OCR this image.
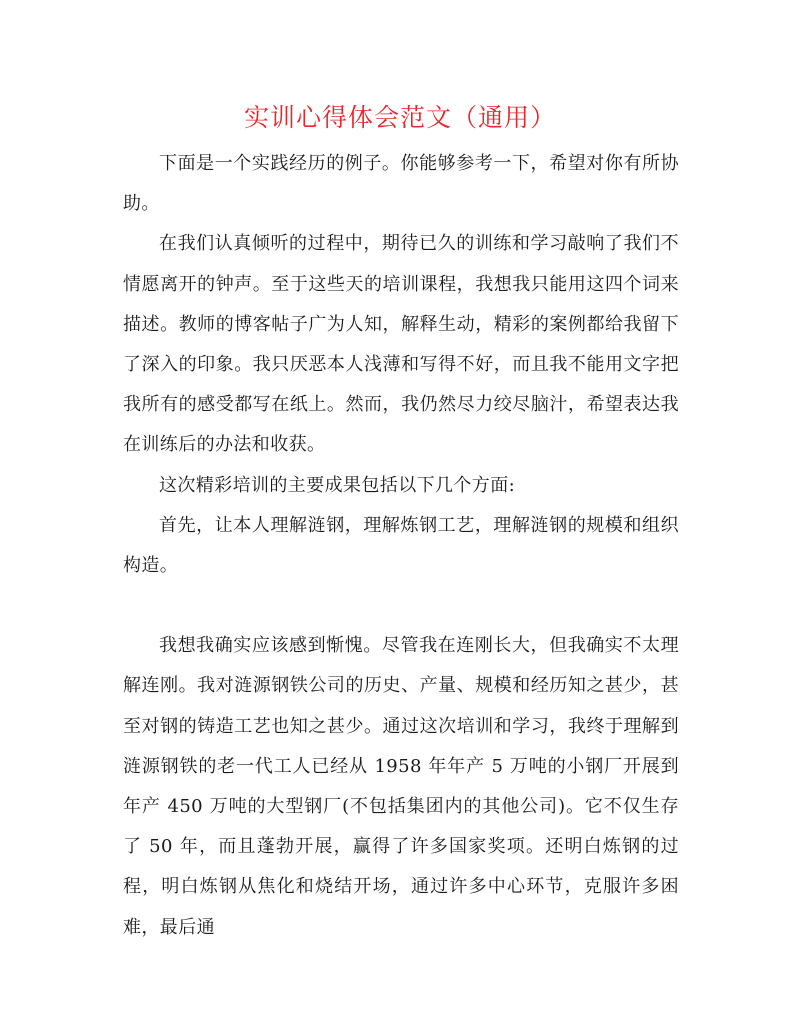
实训心得体会范文（通用）

下面是一个实践经历的例子。你能够参考一下，希望对你有所协助。

在我们认真倾听的过程中，期待已久的训练和学习敲响了我们不情愿离开的钟声。至于这些天的培训课程，我想我只能用这四个词来描述。教师的博客帖子广为人知，解释生动，精彩的案例都给我留下了深入的印象。我只厌恶本人浅薄和写得不好，而且我不能用文字把我所有的感受都写在纸上。然而，我仍然尽力绞尽脑汁，希望表达我在训练后的办法和收获。

这次精彩培训的主要成果包括以下几个方面:

首先，让本人理解涟钢，理解炼钢工艺，理解涟钢的规模和组织构造。

我想我确实应该感到惭愧。尽管我在连刚长大，但我确实不太理解连刚。我对涟源钢铁公司的历史、产量、规模和经历知之甚少，甚至对钢的铸造工艺也知之甚少。通过这次培训和学习，我终于理解到涟源钢铁的老一代工人已经从 1958 年年产 5 万吨的小钢厂开展到年产 450 万吨的大型钢厂(不包括集团内的其他公司)。它不仅生存了 50 年，而且蓬勃开展，赢得了许多国家奖项。还明白炼钢的过程，明白炼钢从焦化和烧结开场，通过许多中心环节，克服许多困难，最后通
